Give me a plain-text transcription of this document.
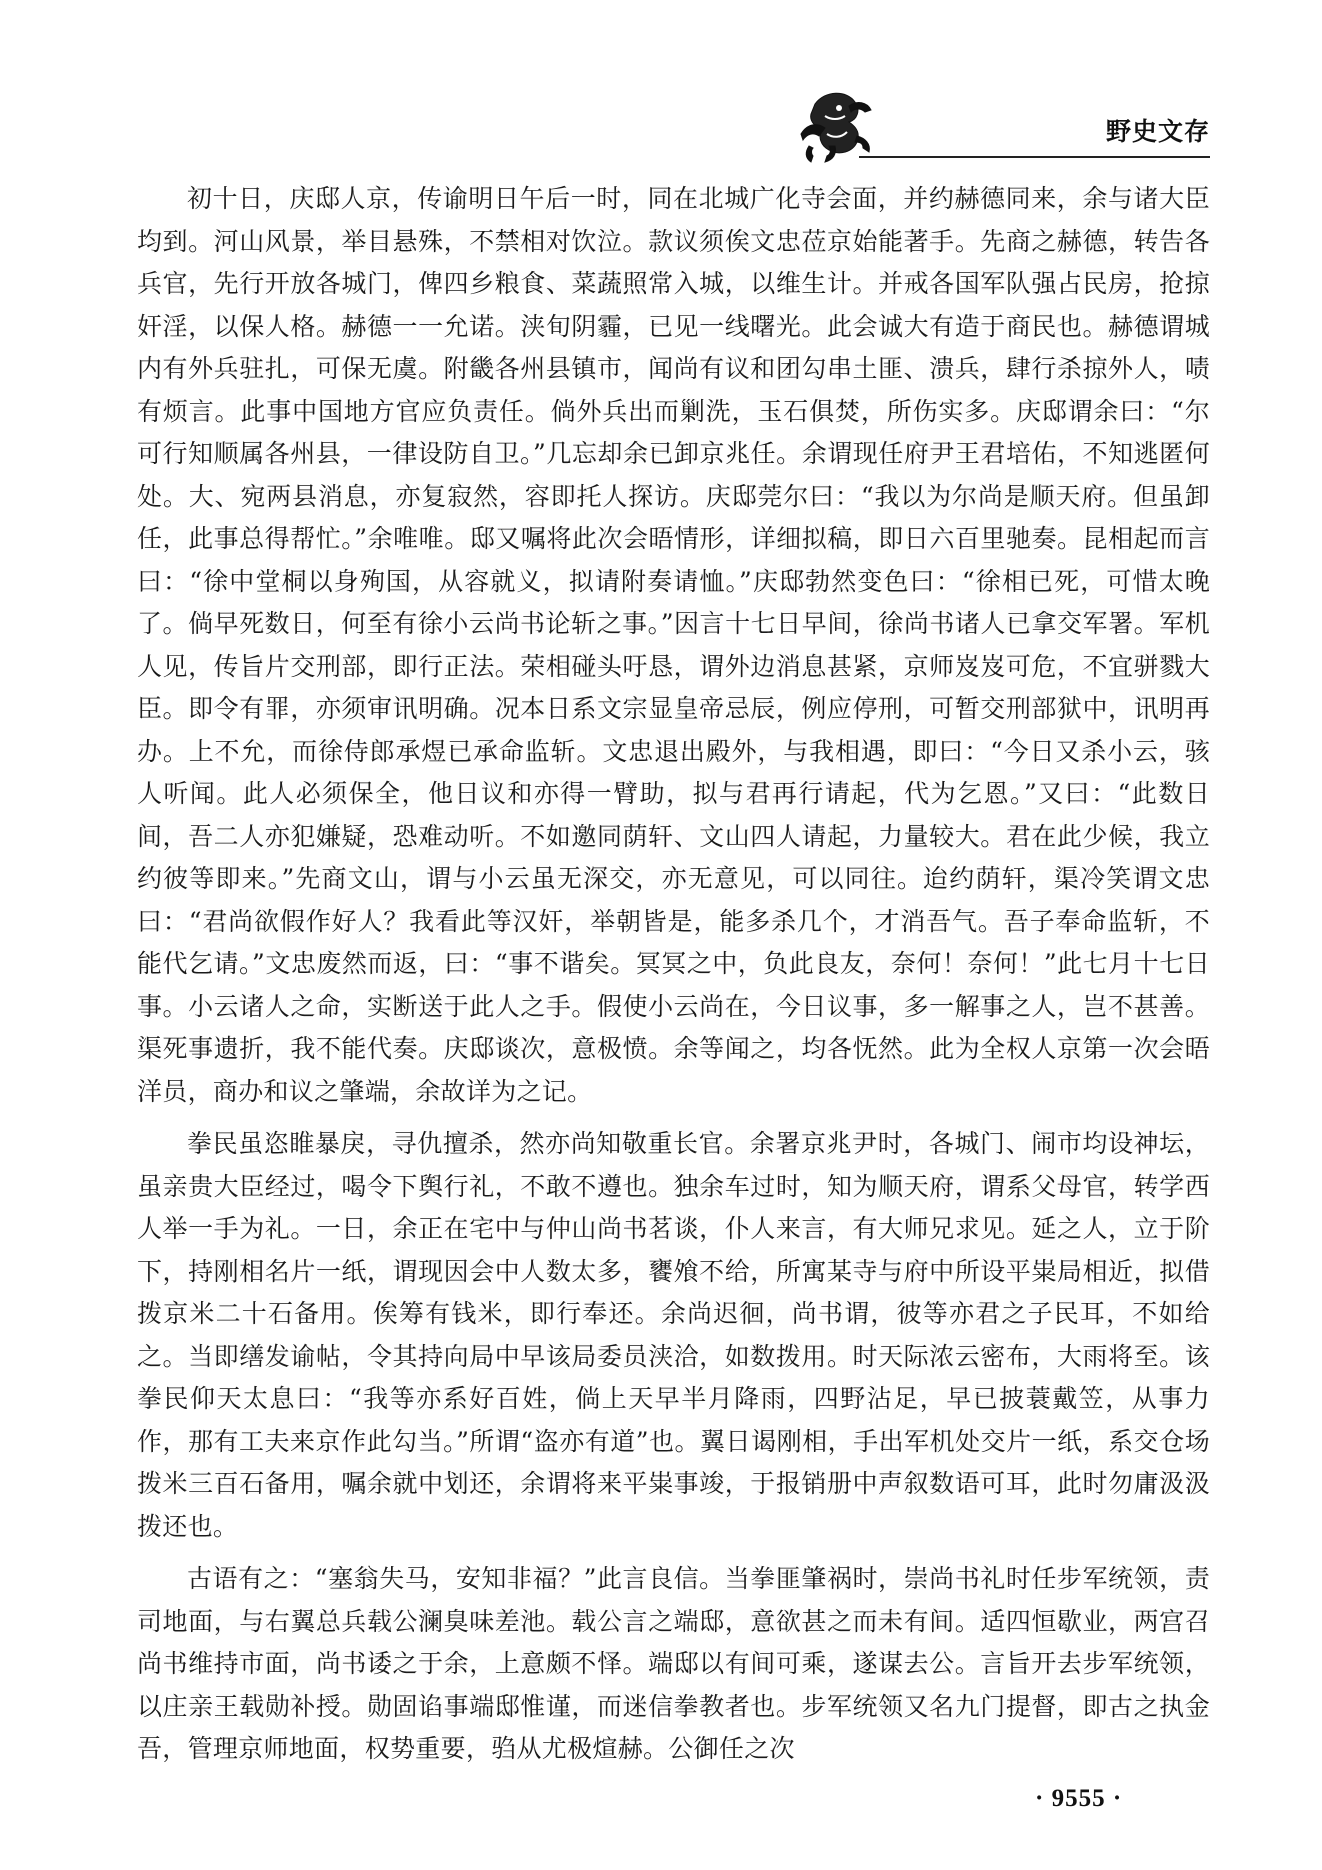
野史文存

初十日，庆邸人京，传谕明日午后一时，同在北城广化寺会面，并约赫德同来，余与诸大臣均到。河山风景，举目悬殊，不禁相对饮泣。款议须俟文忠莅京始能著手。先商之赫德，转告各兵官，先行开放各城门，俾四乡粮食、菜蔬照常入城，以维生计。并戒各国军队强占民房，抢掠奸淫，以保人格。赫德一一允诺。浃旬阴霾，已见一线曙光。此会诚大有造于商民也。赫德谓城内有外兵驻扎，可保无虞。附畿各州县镇市，闻尚有议和团勾串土匪、溃兵，肆行杀掠外人，啧有烦言。此事中国地方官应负责任。倘外兵出而剿洗，玉石俱焚，所伤实多。庆邸谓余曰：“尔可行知顺属各州县，一律设防自卫。”几忘却余已卸京兆任。余谓现任府尹王君培佑，不知逃匿何处。大、宛两县消息，亦复寂然，容即托人探访。庆邸莞尔曰：“我以为尔尚是顺天府。但虽卸任，此事总得帮忙。”余唯唯。邸又嘱将此次会晤情形，详细拟稿，即日六百里驰奏。昆相起而言曰：“徐中堂桐以身殉国，从容就义，拟请附奏请恤。”庆邸勃然变色曰：“徐相已死，可惜太晚了。倘早死数日，何至有徐小云尚书论斩之事。”因言十七日早间，徐尚书诸人已拿交军署。军机人见，传旨片交刑部，即行正法。荣相碰头吁恳，谓外边消息甚紧，京师岌岌可危，不宜骈戮大臣。即令有罪，亦须审讯明确。况本日系文宗显皇帝忌辰，例应停刑，可暂交刑部狱中，讯明再办。上不允，而徐侍郎承煜已承命监斩。文忠退出殿外，与我相遇，即曰：“今日又杀小云，骇人听闻。此人必须保全，他日议和亦得一臂助，拟与君再行请起，代为乞恩。”又曰：“此数日间，吾二人亦犯嫌疑，恐难动听。不如邀同荫轩、文山四人请起，力量较大。君在此少候，我立约彼等即来。”先商文山，谓与小云虽无深交，亦无意见，可以同往。迨约荫轩，渠冷笑谓文忠曰：“君尚欲假作好人？我看此等汉奸，举朝皆是，能多杀几个，才消吾气。吾子奉命监斩，不能代乞请。”文忠废然而返，曰：“事不谐矣。冥冥之中，负此良友，奈何！奈何！”此七月十七日事。小云诸人之命，实断送于此人之手。假使小云尚在，今日议事，多一解事之人，岂不甚善。渠死事遗折，我不能代奏。庆邸谈次，意极愤。余等闻之，均各怃然。此为全权人京第一次会晤洋员，商办和议之肇端，余故详为之记。

拳民虽恣睢暴戾，寻仇擅杀，然亦尚知敬重长官。余署京兆尹时，各城门、闹市均设神坛，虽亲贵大臣经过，喝令下舆行礼，不敢不遵也。独余车过时，知为顺天府，谓系父母官，转学西人举一手为礼。一日，余正在宅中与仲山尚书茗谈，仆人来言，有大师兄求见。延之人，立于阶下，持刚相名片一纸，谓现因会中人数太多，饔飧不给，所寓某寺与府中所设平粜局相近，拟借拨京米二十石备用。俟筹有钱米，即行奉还。余尚迟徊，尚书谓，彼等亦君之子民耳，不如给之。当即缮发谕帖，令其持向局中早该局委员浃洽，如数拨用。时天际浓云密布，大雨将至。该拳民仰天太息曰：“我等亦系好百姓，倘上天早半月降雨，四野沾足，早已披蓑戴笠，从事力作，那有工夫来京作此勾当。”所谓“盗亦有道”也。翼日谒刚相，手出军机处交片一纸，系交仓场拨米三百石备用，嘱余就中划还，余谓将来平粜事竣，于报销册中声叙数语可耳，此时勿庸汲汲拨还也。

古语有之：“塞翁失马，安知非福？”此言良信。当拳匪肇祸时，崇尚书礼时任步军统领，责司地面，与右翼总兵载公澜臭味差池。载公言之端邸，意欲甚之而未有间。适四恒歇业，两宫召尚书维持市面，尚书诿之于余，上意颇不怿。端邸以有间可乘，遂谋去公。言旨开去步军统领，以庄亲王载勋补授。勋固谄事端邸惟谨，而迷信拳教者也。步军统领又名九门提督，即古之执金吾，管理京师地面，权势重要，驺从尤极煊赫。公御任之次

· 9555 ·
